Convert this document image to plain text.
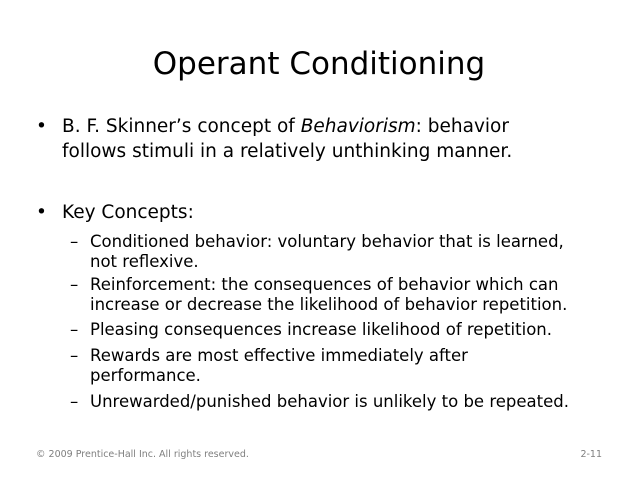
Operant Conditioning
• B. F. Skinner’s concept of Behaviorism: behavior
follows stimuli in a relatively unthinking manner.
• Key Concepts:
– Conditioned behavior: voluntary behavior that is learned,
not reflexive.
– Reinforcement: the consequences of behavior which can
increase or decrease the likelihood of behavior repetition.
– Pleasing consequences increase likelihood of repetition.
– Rewards are most effective immediately after
performance.
– Unrewarded/punished behavior is unlikely to be repeated.
© 2009 Prentice-Hall Inc. All rights reserved.	2-11
